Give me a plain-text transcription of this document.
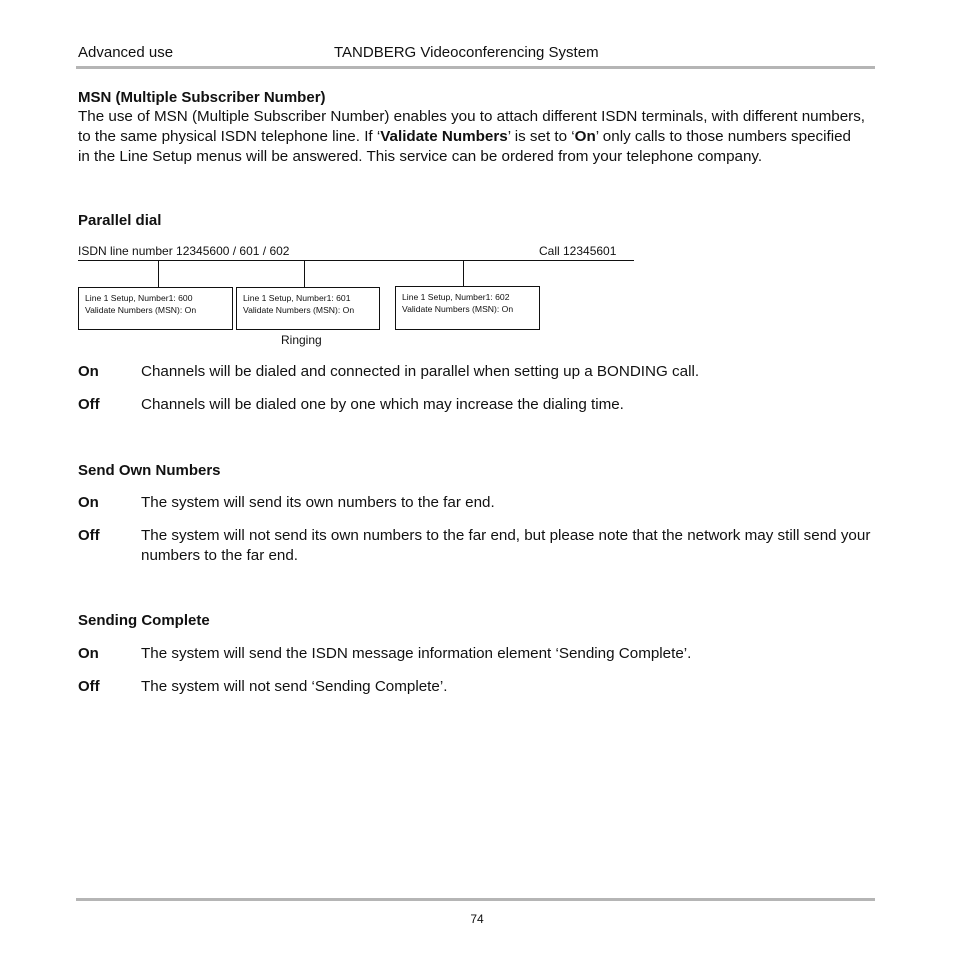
Advanced use	TANDBERG Videoconferencing System
MSN (Multiple Subscriber Number)
The use of MSN (Multiple Subscriber Number) enables you to attach different ISDN terminals, with different numbers,
to the same physical ISDN telephone line. If ‘Validate Numbers’ is set to ‘On’ only calls to those numbers specified
in the Line Setup menus will be answered. This service can be ordered from your telephone company.
Parallel dial
ISDN line number 12345600 / 601 / 602	Call 12345601
Line 1 Setup, Number1: 600
Validate Numbers (MSN): On
Line 1 Setup, Number1: 601
Validate Numbers (MSN): On
Line 1 Setup, Number1: 602
Validate Numbers (MSN): On
Ringing
On	Channels will be dialed and connected in parallel when setting up a BONDING call.
Off	Channels will be dialed one by one which may increase the dialing time.
Send Own Numbers
On	The system will send its own numbers to the far end.
Off	The system will not send its own numbers to the far end, but please note that the network may still send your numbers to the far end.
Sending Complete
On	The system will send the ISDN message information element ‘Sending Complete’.
Off	The system will not send ‘Sending Complete’.
74
